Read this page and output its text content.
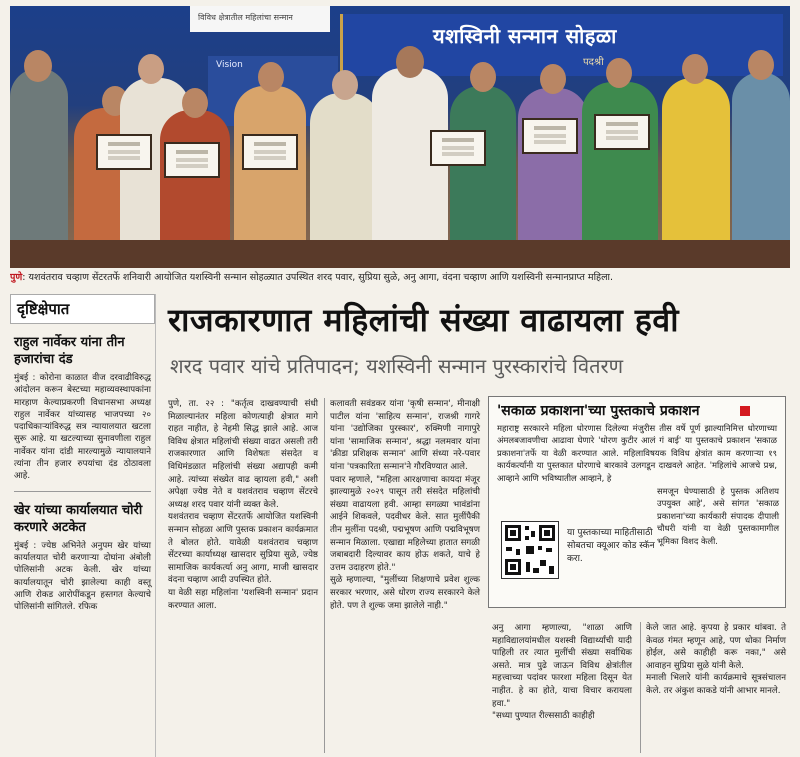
विविध क्षेत्रातील महिलांचा सन्मान
Vision
यशस्विनी सन्मान सोहळा
पदश्री
पुणे: यशवंतराव चव्हाण सेंटरतर्फे शनिवारी आयोजित यशस्विनी सन्मान सोहळ्यात उपस्थित शरद पवार, सुप्रिया सुळे, अनु आगा, वंदना चव्हाण आणि यशस्विनी सन्मानप्राप्त महिला.
दृष्टिक्षेपात
राहुल नार्वेकर यांना तीन हजारांचा दंड
मुंबई : कोरोना काळात वीज दरवाढीविरुद्ध आंदोलन करून बेस्टच्या महाव्यवस्थापकांना मारहाण केल्याप्रकरणी विधानसभा अध्यक्ष राहुल नार्वेकर यांच्यासह भाजपच्या २० पदाधिकाऱ्यांविरुद्ध सत्र न्यायालयात खटला सुरू आहे. या खटल्याच्या सुनावणीला राहुल नार्वेकर यांना दांडी मारल्यामुळे न्यायालयाने त्यांना तीन हजार रुपयांचा दंड ठोठावला आहे.
खेर यांच्या कार्यालयात चोरी करणारे अटकेत
मुंबई : ज्येष्ठ अभिनेते अनुपम खेर यांच्या कार्यालयात चोरी करणाऱ्या दोघांना अंबोली पोलिसांनी अटक केली. खेर यांच्या कार्यालयातून चोरी झालेल्या काही वस्तू आणि रोकड आरोपींकडून हस्तगत केल्याचे पोलिसांनी सांगितले. रफिक
राजकारणात महिलांची संख्या वाढायला हवी
शरद पवार यांचे प्रतिपादन; यशस्विनी सन्मान पुरस्कारांचे वितरण
पुणे, ता. २२ : "कर्तृत्व दाखवण्याची संधी मिळाल्यानंतर महिला कोणत्याही क्षेत्रात मागे राहत नाहीत, हे नेहमी सिद्ध झाले आहे. आज विविध क्षेत्रात महिलांची संख्या वाढत असली तरी राजकारणात आणि विशेषतः संसदेत व विधिमंडळात महिलांची संख्या अद्यापही कमी आहे. त्यांच्या संख्येत वाढ व्हायला हवी," अशी अपेक्षा ज्येष्ठ नेते व यशवंतराव चव्हाण सेंटरचे अध्यक्ष शरद पवार यांनी व्यक्त केले.
यशवंतराव चव्हाण सेंटरतर्फे आयोजित यशस्विनी सन्मान सोहळा आणि पुस्तक प्रकाशन कार्यक्रमात ते बोलत होते. यावेळी यशवंतराव चव्हाण सेंटरच्या कार्याध्यक्ष खासदार सुप्रिया सुळे, ज्येष्ठ सामाजिक कार्यकर्त्या अनु आगा, माजी खासदार वंदना चव्हाण आदी उपस्थित होते.
या वेळी सहा महिलांना 'यशस्विनी सन्मान' प्रदान करण्यात आला.
कलावती सवंडकर यांना 'कृषी सन्मान', मीनाक्षी पाटील यांना 'साहित्य सन्मान', राजश्री गागरे यांना 'उद्योजिका पुरस्कार', रुक्मिणी नागापुरे यांना 'सामाजिक सन्मान', श्रद्धा नलमवार यांना 'क्रीडा प्रशिक्षक सन्मान' आणि संध्या नरे-पवार यांना 'पत्रकारिता सन्मान'ने गौरविण्यात आले.
पवार म्हणाले, "महिला आरक्षणाचा कायदा मंजूर झाल्यामुळे २०२९ पासून तरी संसदेत महिलांची संख्या वाढायला हवी. आम्हा सगळ्या भावंडांना आईने शिकवले, पदवीधर केले. सात मुलींपैकी तीन मुलींना पदश्री, पद्मभूषण आणि पद्मविभूषण सन्मान मिळाला. एखाद्या महिलेच्या हातात सगळी जबाबदारी दिल्यावर काय होऊ शकते, याचे हे उत्तम उदाहरण होते."
सुळे म्हणाल्या, "मुलींच्या शिक्षणाचे प्रवेश शुल्क सरकार भरणार, असे धोरण राज्य सरकारने केले होते. पण ते शुल्क जमा झालेले नाही."
'सकाळ प्रकाशना'च्या पुस्तकाचे प्रकाशन
महाराष्ट्र सरकारने महिला धोरणास दिलेल्या मंजुरीस तीस वर्षे पूर्ण झाल्यानिमित्त धोरणाच्या अंमलबजावणीचा आढावा घेणारे 'धोरण कुटीर आलं गं बाई' या पुस्तकाचे प्रकाशन 'सकाळ प्रकाशना'तर्फे या वेळी करण्यात आले. महिलाविषयक विविध क्षेत्रांत काम करणाऱ्या १९ कार्यकर्त्यांनी या पुस्तकात धोरणाचे बारकावे उलगडून दाखवले आहेत. 'महिलांचे आजचे प्रश्न, आव्हाने आणि भविष्यातील आव्हाने, हे
या पुस्तकाच्या माहितीसाठी सोबतचा क्यूआर कोड स्कॅन करा.
समजून घेण्यासाठी हे पुस्तक अतिशय उपयुक्त आहे', असे सांगत 'सकाळ प्रकाशना'च्या कार्यकारी संपादक दीपाली चौधरी यांनी या वेळी पुस्तकामागील भूमिका विशद केली.
अनु आगा म्हणाल्या, "शाळा आणि महाविद्यालयांमधील यशस्वी विद्यार्थ्यांची यादी पाहिली तर त्यात मुलींची संख्या सर्वाधिक असते. मात्र पुढे जाऊन विविध क्षेत्रांतील महत्त्वाच्या पदांवर फारशा महिला दिसून येत नाहीत. हे का होते, याचा विचार करायला हवा."
"सध्या पुण्यात रील्ससाठी काहीही
केले जात आहे. कृपया हे प्रकार थांबवा. ते केवळ गंमत म्हणून आहे, पण धोका निर्माण होईल, असे काहीही करू नका," असे आवाहन सुप्रिया सुळे यांनी केले.
मनाली भिलारे यांनी कार्यक्रमाचे सूत्रसंचालन केले. तर अंकुश काकडे यांनी आभार मानले.
